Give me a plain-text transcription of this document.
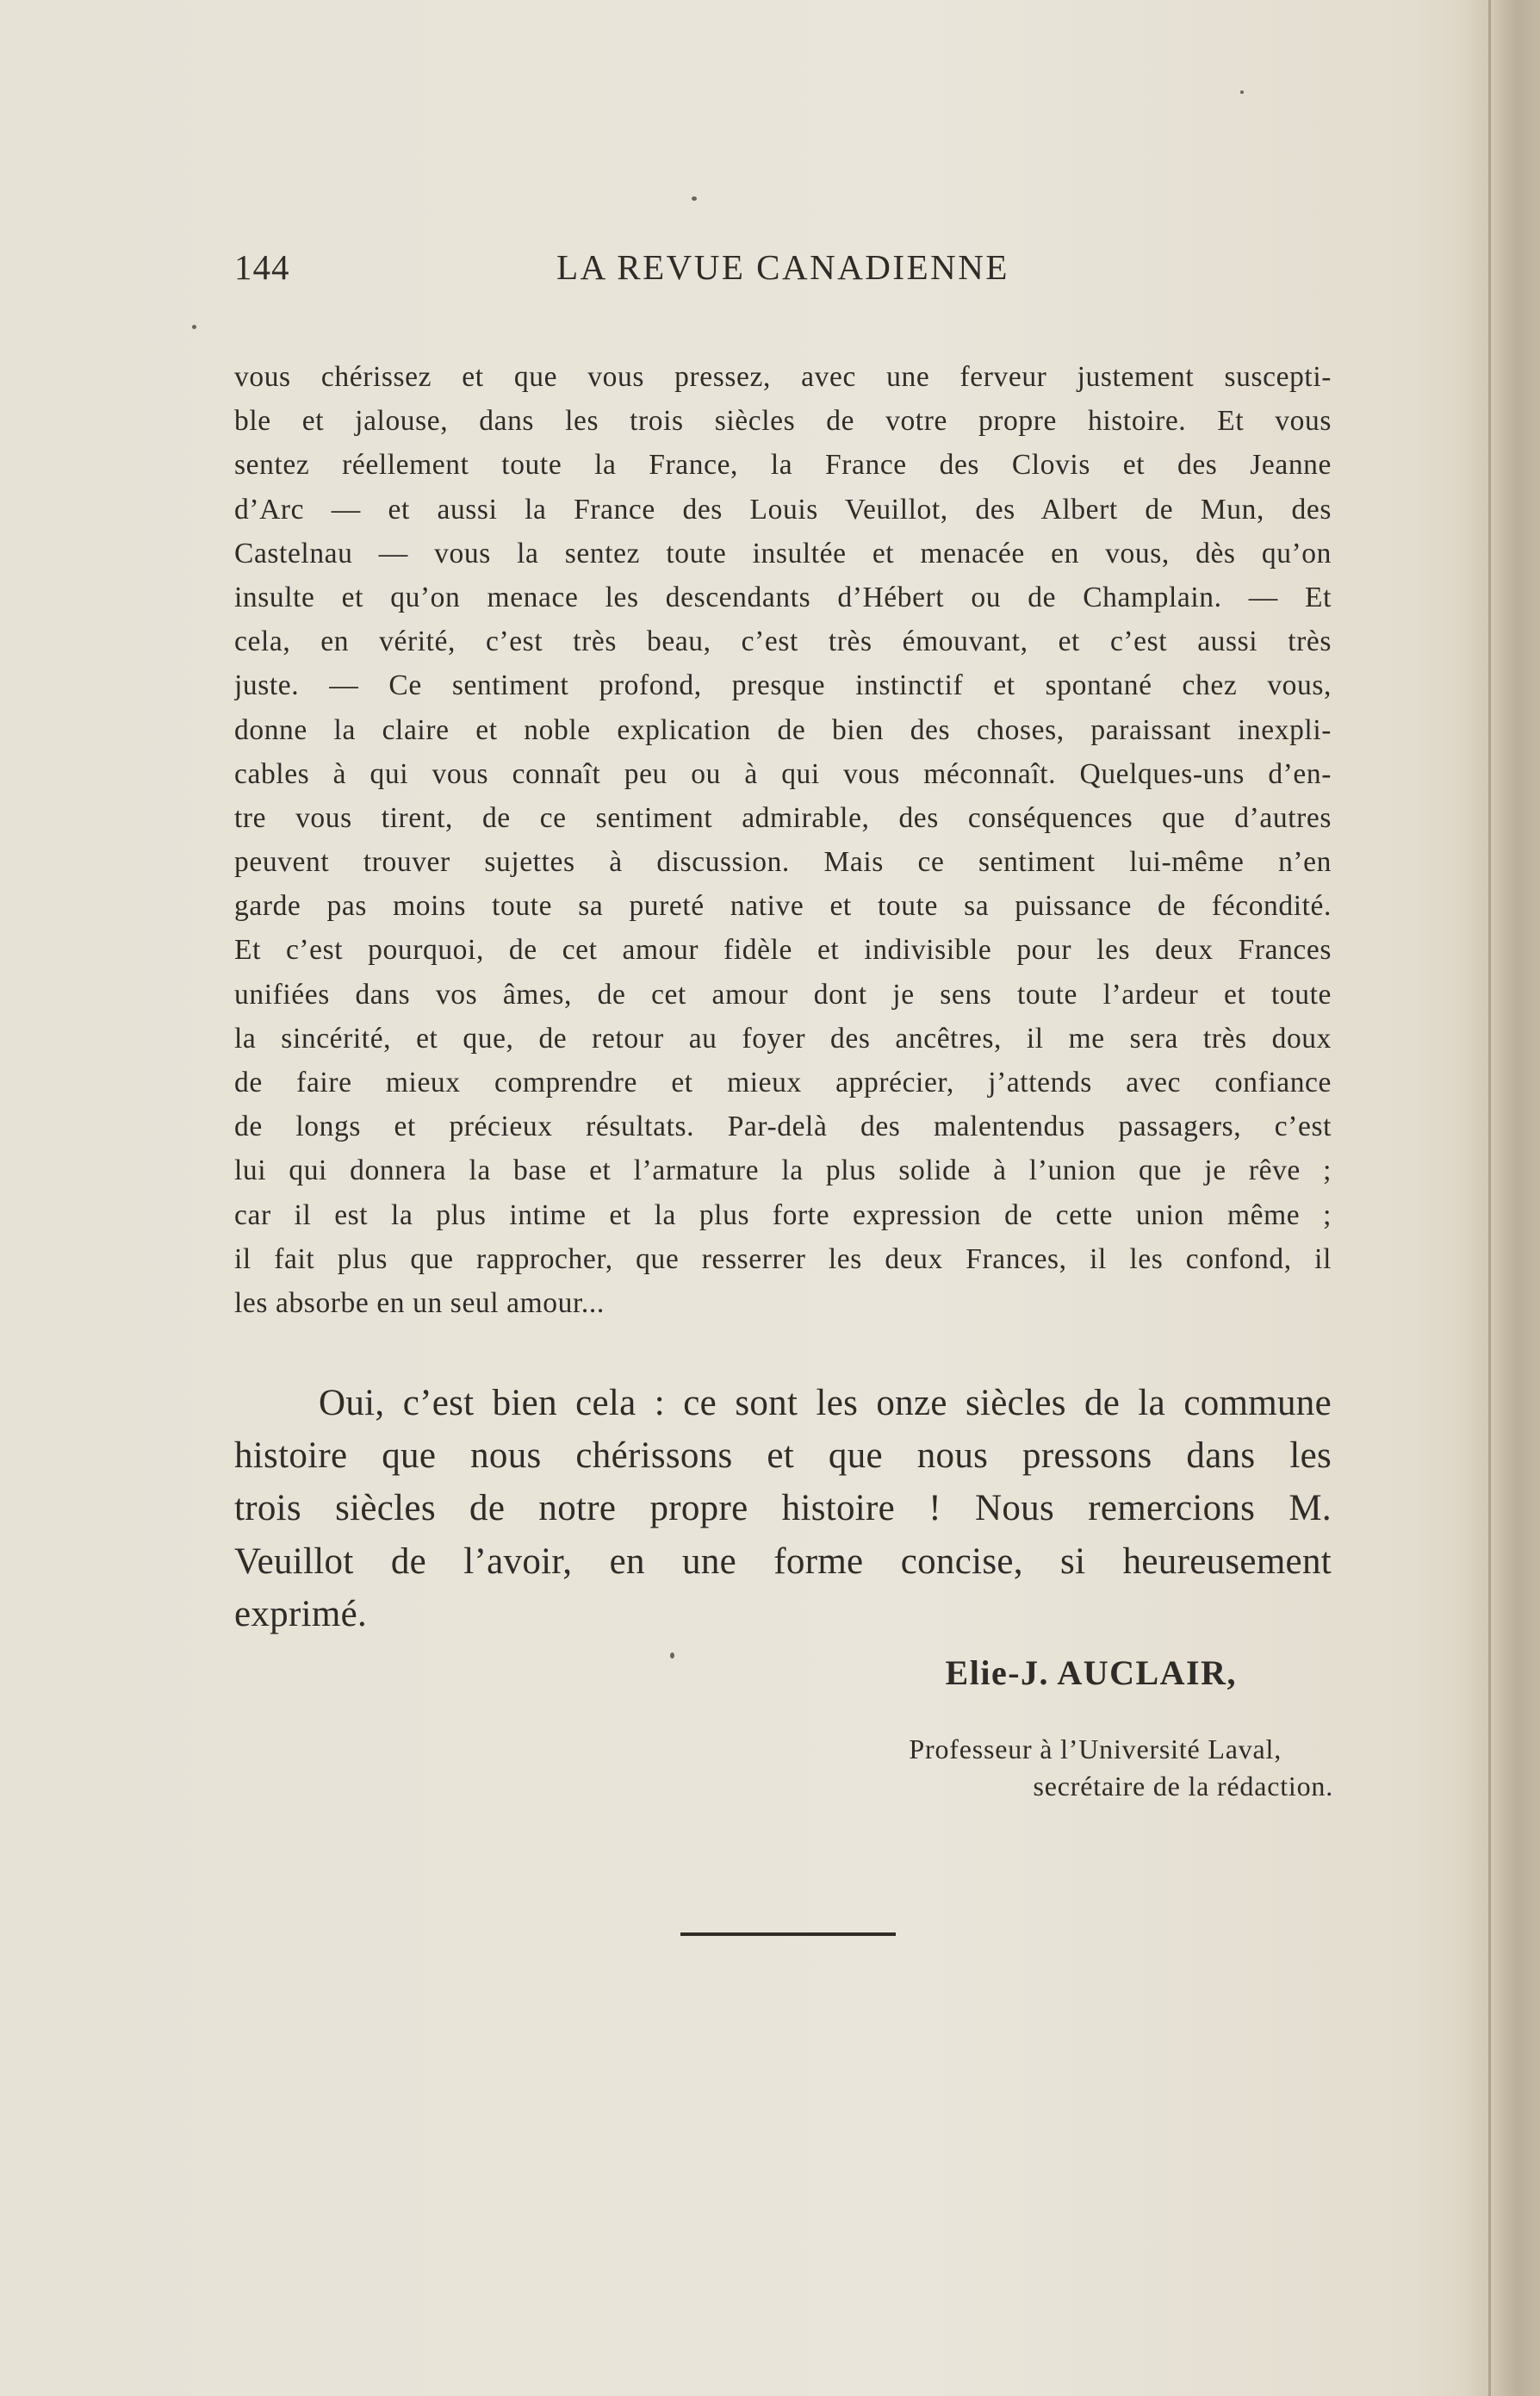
144	LA REVUE CANADIENNE
vous chérissez et que vous pressez, avec une ferveur justement suscepti-
ble et jalouse, dans les trois siècles de votre propre histoire. Et vous
sentez réellement toute la France, la France des Clovis et des Jeanne
d’Arc — et aussi la France des Louis Veuillot, des Albert de Mun, des
Castelnau — vous la sentez toute insultée et menacée en vous, dès qu’on
insulte et qu’on menace les descendants d’Hébert ou de Champlain. — Et
cela, en vérité, c’est très beau, c’est très émouvant, et c’est aussi très
juste. — Ce sentiment profond, presque instinctif et spontané chez vous,
donne la claire et noble explication de bien des choses, paraissant inexpli-
cables à qui vous connaît peu ou à qui vous méconnaît. Quelques-uns d’en-
tre vous tirent, de ce sentiment admirable, des conséquences que d’autres
peuvent trouver sujettes à discussion. Mais ce sentiment lui-même n’en
garde pas moins toute sa pureté native et toute sa puissance de fécondité.
Et c’est pourquoi, de cet amour fidèle et indivisible pour les deux Frances
unifiées dans vos âmes, de cet amour dont je sens toute l’ardeur et toute
la sincérité, et que, de retour au foyer des ancêtres, il me sera très doux
de faire mieux comprendre et mieux apprécier, j’attends avec confiance
de longs et précieux résultats. Par-delà des malentendus passagers, c’est
lui qui donnera la base et l’armature la plus solide à l’union que je rêve ;
car il est la plus intime et la plus forte expression de cette union même ;
il fait plus que rapprocher, que resserrer les deux Frances, il les confond, il
les absorbe en un seul amour...
Oui, c’est bien cela : ce sont les onze siècles de la commune
histoire que nous chérissons et que nous pressons dans les
trois siècles de notre propre histoire ! Nous remercions M.
Veuillot de l’avoir, en une forme concise, si heureusement
exprimé.
Elie-J. AUCLAIR,
Professeur à l’Université Laval,
secrétaire de la rédaction.
